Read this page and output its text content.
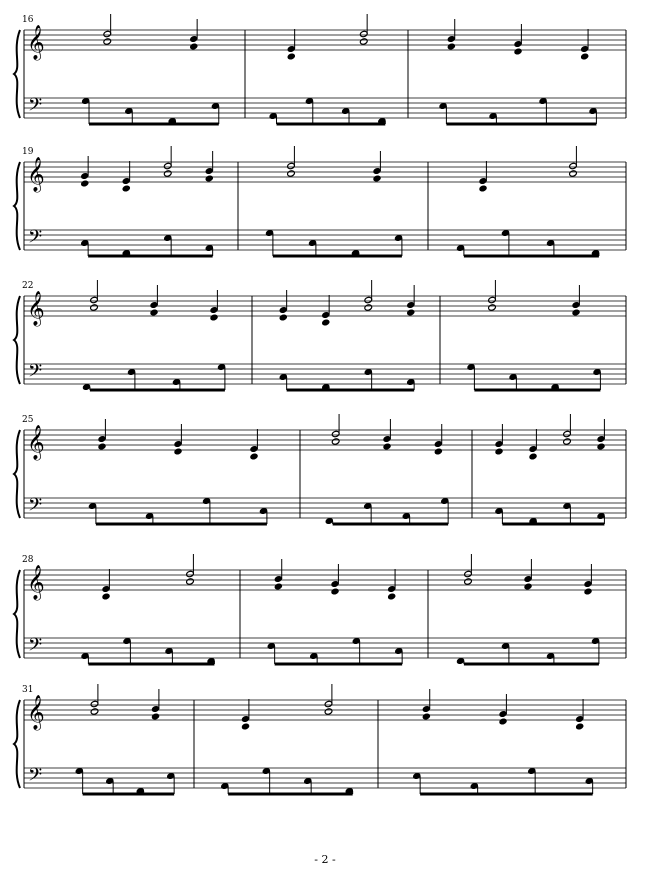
16
𝄞
𝄢
19
𝄞
𝄢
22
𝄞
𝄢
25
𝄞
𝄢
28
𝄞
𝄢
31
𝄞
𝄢
- 2 -
